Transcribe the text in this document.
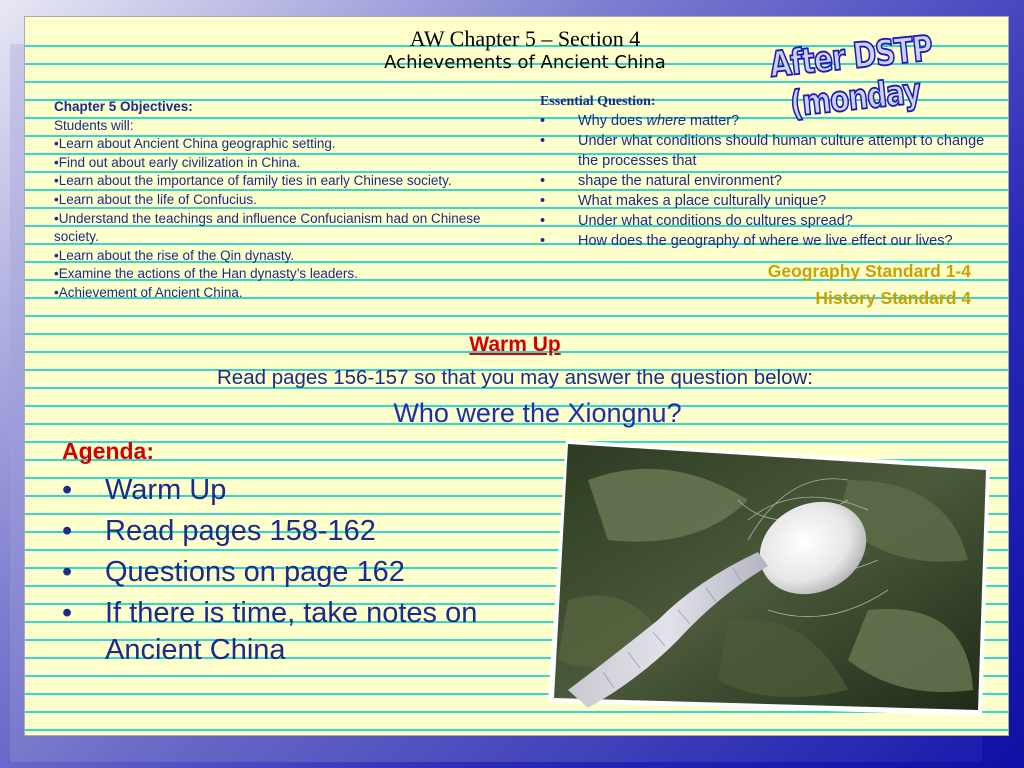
AW Chapter 5 – Section 4
Achievements of Ancient China	After DSTP (monday
Chapter 5 Objectives:
Students will:
•Learn about Ancient China geographic setting.
•Find out about early civilization in China.
•Learn about the importance of family ties in early Chinese society.
•Learn about the life of Confucius.
•Understand the teachings and influence Confucianism had on Chinese society.
•Learn about the rise of the Qin dynasty.
•Examine the actions of the Han dynasty’s leaders.
•Achievement of Ancient China.
Essential Question:
• Why does where matter?
• Under what conditions should human culture attempt to change the processes that
• shape the natural environment?
• What makes a place culturally unique?
• Under what conditions do cultures spread?
• How does the geography of where we live effect our lives?
Geography Standard 1-4
History Standard 4
Warm Up
Read pages 156-157 so that you may answer the question below:
Who were the Xiongnu?
Agenda:
• Warm Up
• Read pages 158-162
• Questions on page 162
• If there is time, take notes on Ancient China
